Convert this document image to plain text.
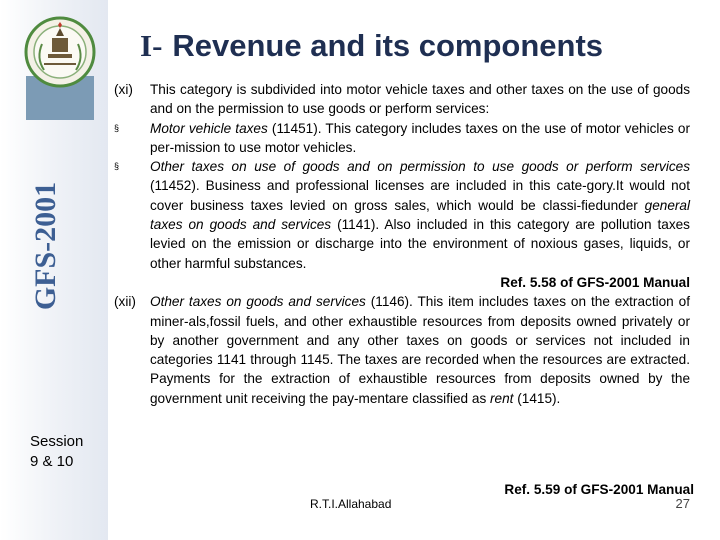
GFS-2001
Session
9 & 10
I- Revenue and its components

(xi) This category is subdivided into motor vehicle taxes and other taxes on the use of goods and on the permission to use goods or perform services:

§ Motor vehicle taxes (11451). This category includes taxes on the use of motor vehicles or per-mission to use motor vehicles.

§ Other taxes on use of goods and on permission to use goods or perform services (11452). Business and professional licenses are included in this cate-gory.It would not cover business taxes levied on gross sales, which would be classi-fiedunder general taxes on goods and services (1141). Also included in this category are pollution taxes levied on the emission or discharge into the environment of noxious gases, liquids, or other harmful substances.

Ref. 5.58 of GFS-2001 Manual

(xii) Other taxes on goods and services (1146). This item includes taxes on the extraction of miner-als,fossil fuels, and other exhaustible resources from deposits owned privately or by another government and any other taxes on goods or services not included in categories 1141 through 1145. The taxes are recorded when the resources are extracted. Payments for the extraction of exhaustible resources from deposits owned by the government unit receiving the pay-mentare classified as rent (1415).

Ref. 5.59 of GFS-2001 Manual
R.T.I.Allahabad	27
